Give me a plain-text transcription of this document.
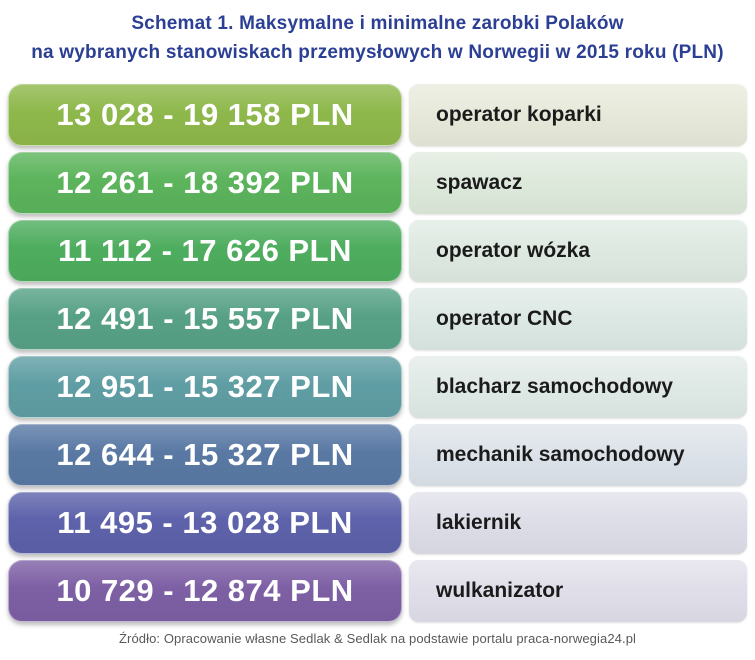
Schemat 1. Maksymalne i minimalne zarobki Polaków
na wybranych stanowiskach przemysłowych w Norwegii w 2015 roku (PLN)
13 028 - 19 158 PLN	operator koparki
12 261 - 18 392 PLN	spawacz
11 112 - 17 626 PLN	operator wózka
12 491 - 15 557 PLN	operator CNC
12 951 - 15 327 PLN	blacharz samochodowy
12 644 - 15 327 PLN	mechanik samochodowy
11 495 - 13 028 PLN	lakiernik
10 729 - 12 874 PLN	wulkanizator
Źródło: Opracowanie własne Sedlak & Sedlak na podstawie portalu praca-norwegia24.pl
